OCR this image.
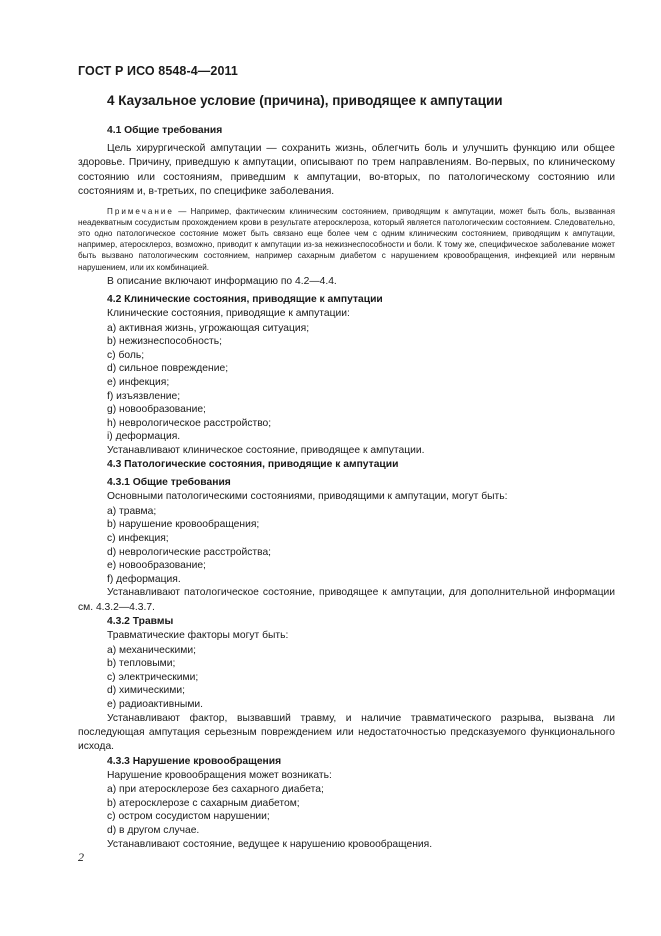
ГОСТ Р ИСО 8548-4—2011
4 Каузальное условие (причина), приводящее к ампутации
4.1 Общие требования
Цель хирургической ампутации — сохранить жизнь, облегчить боль и улучшить функцию или общее здоровье. Причину, приведшую к ампутации, описывают по трем направлениям. Во-первых, по клиническому состоянию или состояниям, приведшим к ампутации, во-вторых, по патологическому состоянию или состояниям и, в-третьих, по специфике заболевания.
Примечание — Например, фактическим клиническим состоянием, приводящим к ампутации, может быть боль, вызванная неадекватным сосудистым прохождением крови в результате атеросклероза, который является патологическим состоянием. Следовательно, это одно патологическое состояние может быть связано еще более чем с одним клиническим состоянием, приводящим к ампутации, например, атеросклероз, возможно, приводит к ампутации из-за нежизнеспособности и боли. К тому же, специфическое заболевание может быть вызвано патологическим состоянием, например сахарным диабетом с нарушением кровообращения, инфекцией или нервным нарушением, или их комбинацией.
В описание включают информацию по 4.2—4.4.
4.2 Клинические состояния, приводящие к ампутации
Клинические состояния, приводящие к ампутации:
a) активная жизнь, угрожающая ситуация;
b) нежизнеспособность;
c) боль;
d) сильное повреждение;
e) инфекция;
f) изъязвление;
g) новообразование;
h) неврологическое расстройство;
i) деформация.
Устанавливают клиническое состояние, приводящее к ампутации.
4.3 Патологические состояния, приводящие к ампутации
4.3.1 Общие требования
Основными патологическими состояниями, приводящими к ампутации, могут быть:
a) травма;
b) нарушение кровообращения;
c) инфекция;
d) неврологические расстройства;
e) новообразование;
f) деформация.
Устанавливают патологическое состояние, приводящее к ампутации, для дополнительной информации см. 4.3.2—4.3.7.
4.3.2 Травмы
Травматические факторы могут быть:
a) механическими;
b) тепловыми;
c) электрическими;
d) химическими;
e) радиоактивными.
Устанавливают фактор, вызвавший травму, и наличие травматического разрыва, вызвана ли последующая ампутация серьезным повреждением или недостаточностью предсказуемого функционального исхода.
4.3.3 Нарушение кровообращения
Нарушение кровообращения может возникать:
a) при атеросклерозе без сахарного диабета;
b) атеросклерозе с сахарным диабетом;
c) остром сосудистом нарушении;
d) в другом случае.
Устанавливают состояние, ведущее к нарушению кровообращения.
2
